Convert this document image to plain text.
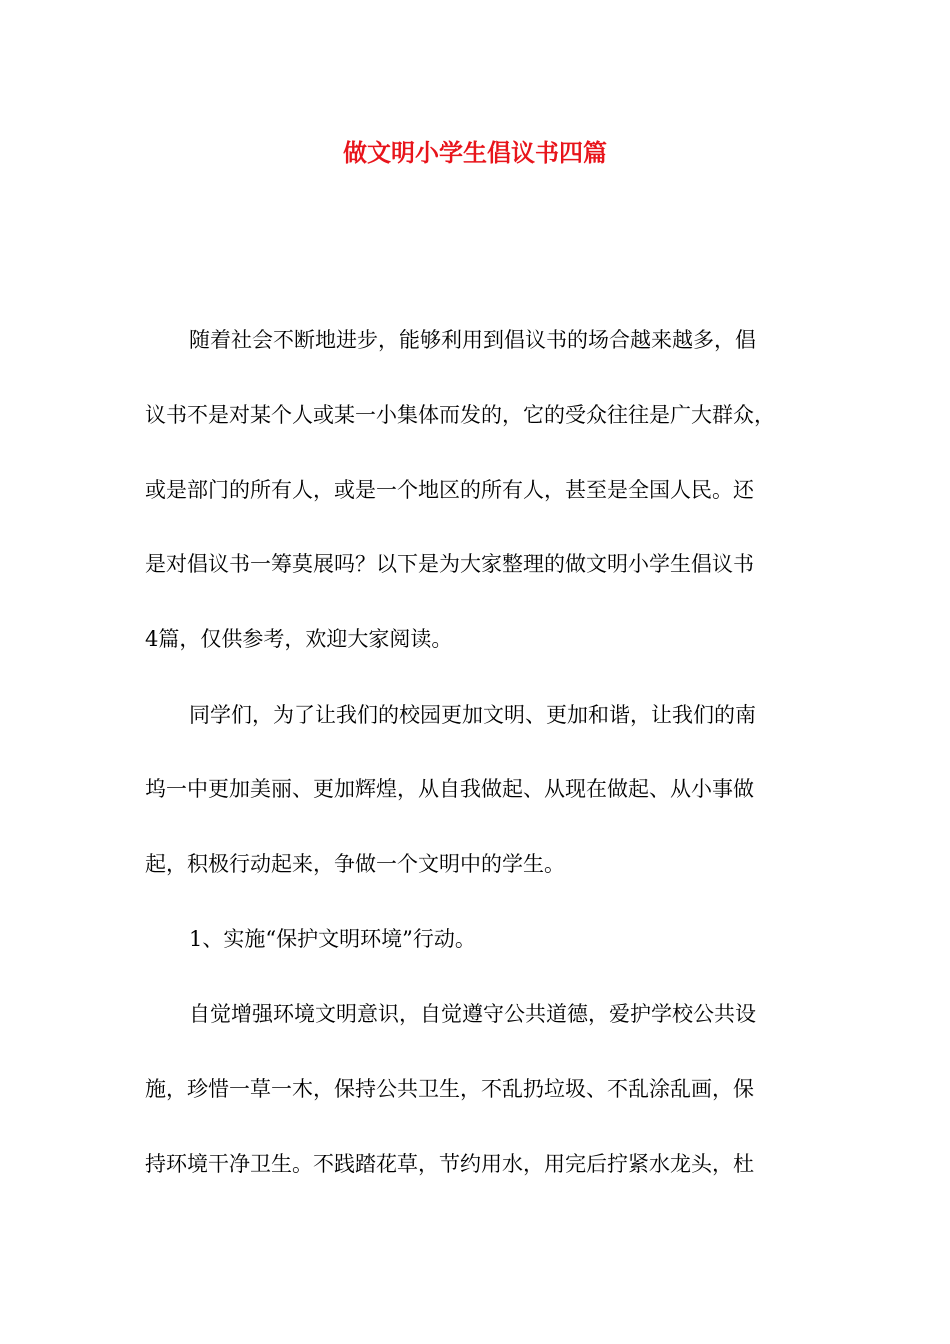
做文明小学生倡议书四篇
随着社会不断地进步，能够利用到倡议书的场合越来越多，倡
议书不是对某个人或某一小集体而发的，它的受众往往是广大群众，
或是部门的所有人，或是一个地区的所有人，甚至是全国人民。还
是对倡议书一筹莫展吗？以下是为大家整理的做文明小学生倡议书
4篇，仅供参考，欢迎大家阅读。
同学们，为了让我们的校园更加文明、更加和谐，让我们的南
坞一中更加美丽、更加辉煌，从自我做起、从现在做起、从小事做
起，积极行动起来，争做一个文明中的学生。
1、实施“保护文明环境”行动。
自觉增强环境文明意识，自觉遵守公共道德，爱护学校公共设
施，珍惜一草一木，保持公共卫生，不乱扔垃圾、不乱涂乱画，保
持环境干净卫生。不践踏花草，节约用水，用完后拧紧水龙头，杜
